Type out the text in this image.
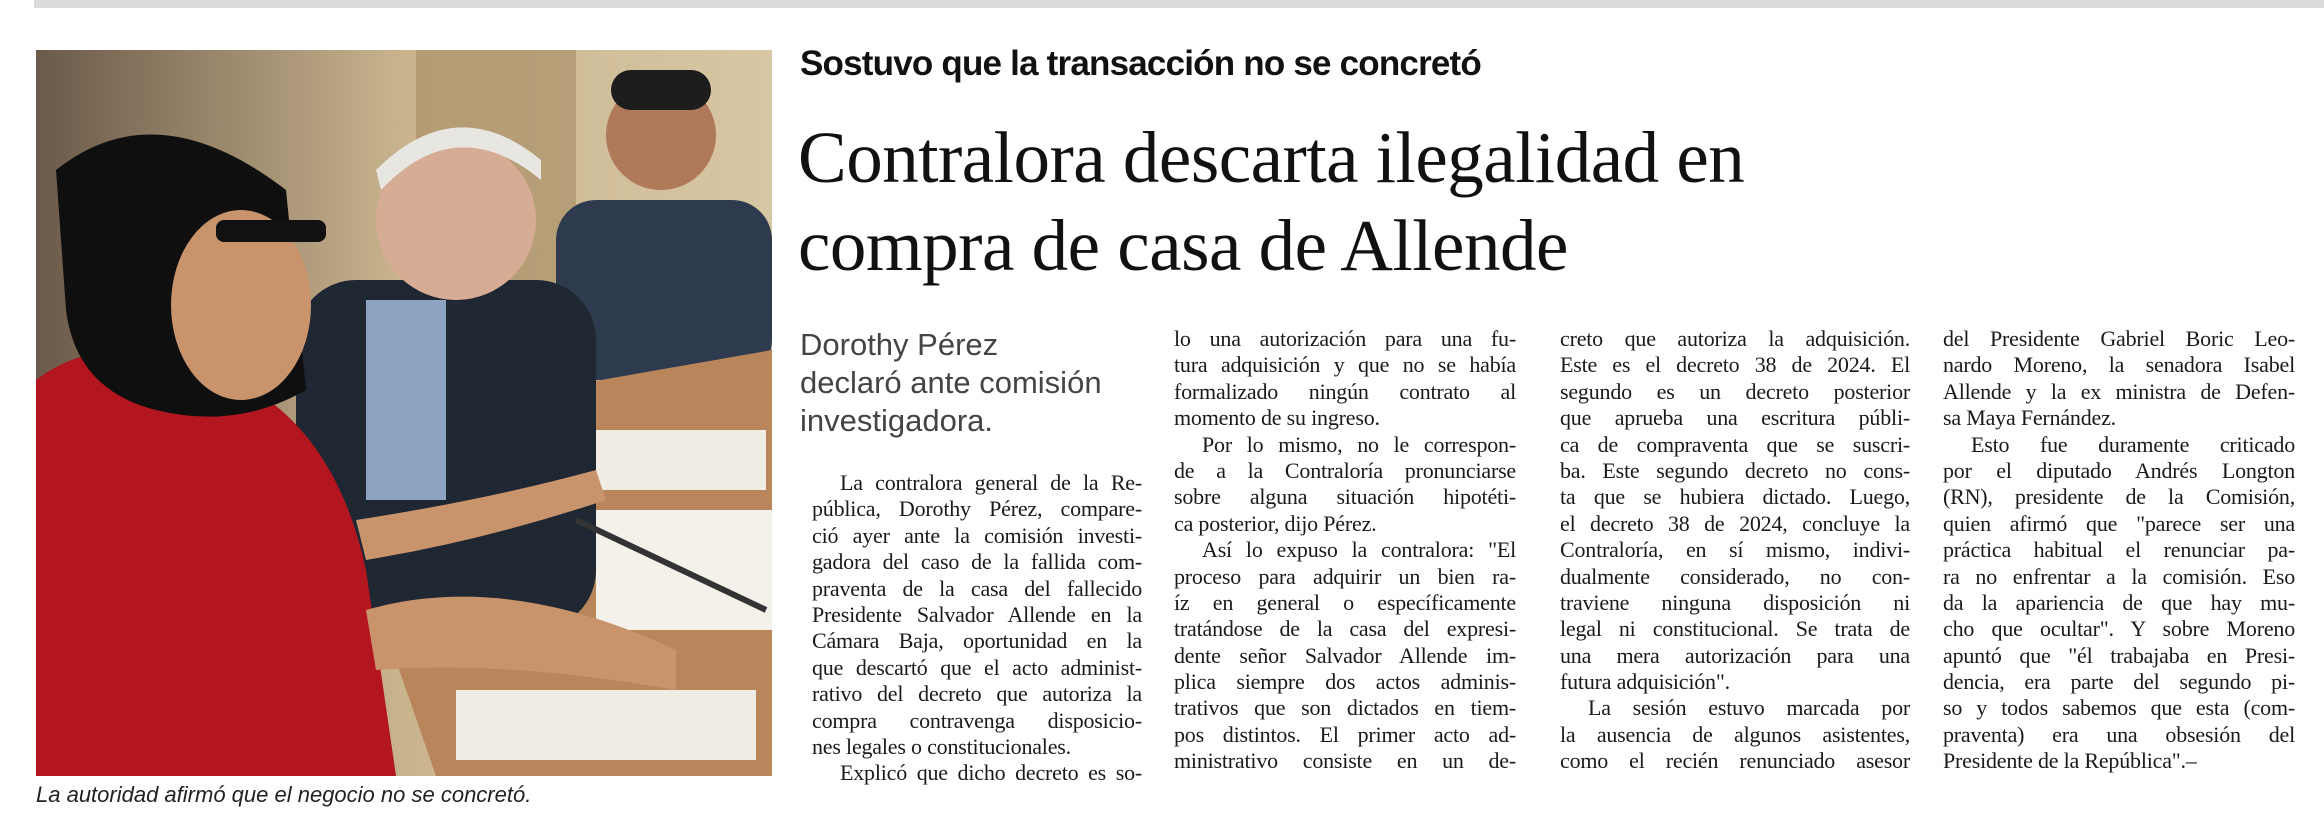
La autoridad afirmó que el negocio no se concretó.
Sostuvo que la transacción no se concretó
Contralora descarta ilegalidad en
compra de casa de Allende
Dorothy Pérez
declaró ante comisión
investigadora.
La contralora general de la Re-
pública, Dorothy Pérez, compare-
ció ayer ante la comisión investi-
gadora del caso de la fallida com-
praventa de la casa del fallecido
Presidente Salvador Allende en la
Cámara Baja, oportunidad en la
que descartó que el acto administ-
rativo del decreto que autoriza la
compra contravenga disposicio-
nes legales o constitucionales.
Explicó que dicho decreto es so-
lo una autorización para una fu-
tura adquisición y que no se había
formalizado ningún contrato al
momento de su ingreso.
Por lo mismo, no le correspon-
de a la Contraloría pronunciarse
sobre alguna situación hipotéti-
ca posterior, dijo Pérez.
Así lo expuso la contralora: "El
proceso para adquirir un bien ra-
íz en general o específicamente
tratándose de la casa del expresi-
dente señor Salvador Allende im-
plica siempre dos actos adminis-
trativos que son dictados en tiem-
pos distintos. El primer acto ad-
ministrativo consiste en un de-
creto que autoriza la adquisición.
Este es el decreto 38 de 2024. El
segundo es un decreto posterior
que aprueba una escritura públi-
ca de compraventa que se suscri-
ba. Este segundo decreto no cons-
ta que se hubiera dictado. Luego,
el decreto 38 de 2024, concluye la
Contraloría, en sí mismo, indivi-
dualmente considerado, no con-
traviene ninguna disposición ni
legal ni constitucional. Se trata de
una mera autorización para una
futura adquisición".
La sesión estuvo marcada por
la ausencia de algunos asistentes,
como el recién renunciado asesor
del Presidente Gabriel Boric Leo-
nardo Moreno, la senadora Isabel
Allende y la ex ministra de Defen-
sa Maya Fernández.
Esto fue duramente criticado
por el diputado Andrés Longton
(RN), presidente de la Comisión,
quien afirmó que "parece ser una
práctica habitual el renunciar pa-
ra no enfrentar a la comisión. Eso
da la apariencia de que hay mu-
cho que ocultar". Y sobre Moreno
apuntó que "él trabajaba en Presi-
dencia, era parte del segundo pi-
so y todos sabemos que esta (com-
praventa) era una obsesión del
Presidente de la República".–
